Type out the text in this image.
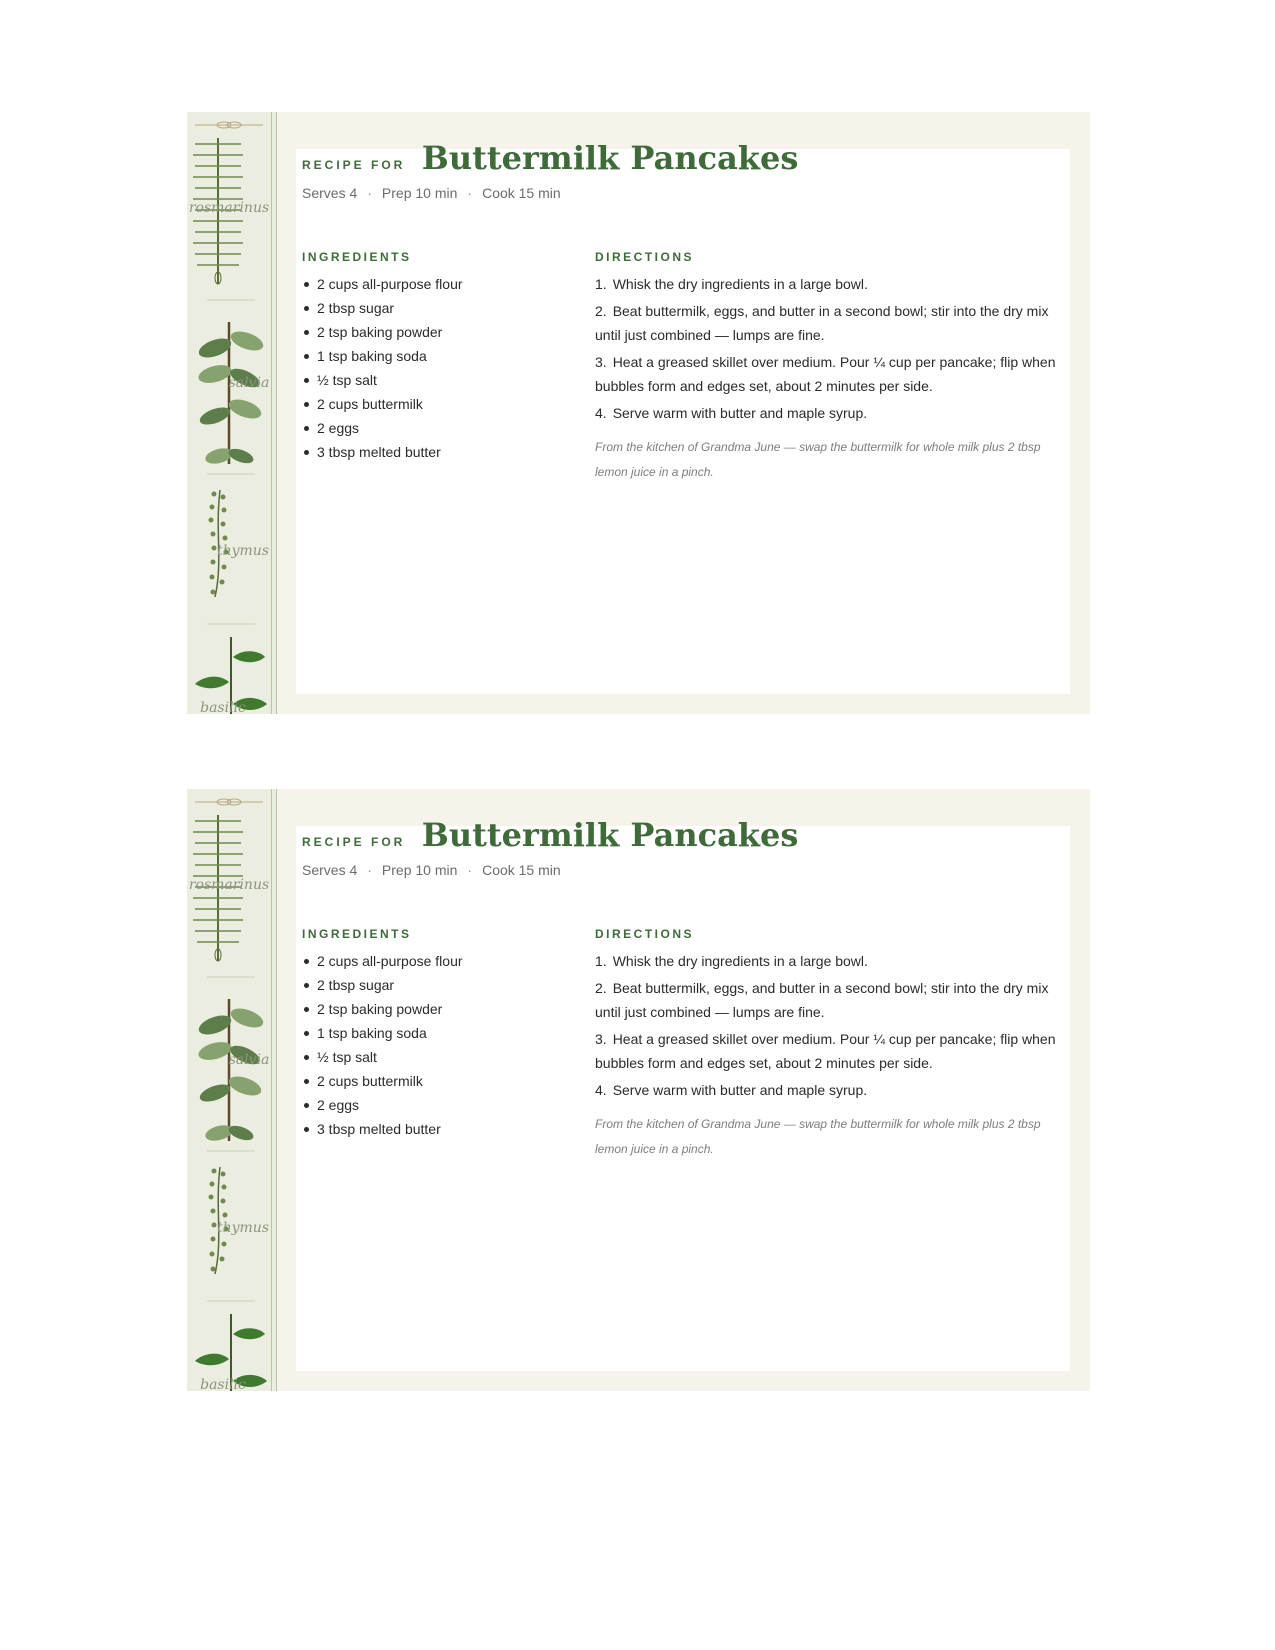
rosmarinus
salvia
thymus
basilic
RECIPE FOR Buttermilk Pancakes
Serves 4 · Prep 10 min · Cook 15 min
INGREDIENTS	DIRECTIONS
2 cups all-purpose flour
2 tbsp sugar
2 tsp baking powder
1 tsp baking soda
½ tsp salt
2 cups buttermilk
2 eggs
3 tbsp melted butter
1. Whisk the dry ingredients in a large bowl.
2. Beat buttermilk, eggs, and butter in a second bowl; stir into the dry mix until just combined — lumps are fine.
3. Heat a greased skillet over medium. Pour ¼ cup per pancake; flip when bubbles form and edges set, about 2 minutes per side.
4. Serve warm with butter and maple syrup.
From the kitchen of Grandma June — swap the buttermilk for whole milk plus 2 tbsp lemon juice in a pinch.
rosmarinus
salvia
thymus
basilic
RECIPE FOR Buttermilk Pancakes
Serves 4 · Prep 10 min · Cook 15 min
INGREDIENTS	DIRECTIONS
2 cups all-purpose flour
2 tbsp sugar
2 tsp baking powder
1 tsp baking soda
½ tsp salt
2 cups buttermilk
2 eggs
3 tbsp melted butter
1. Whisk the dry ingredients in a large bowl.
2. Beat buttermilk, eggs, and butter in a second bowl; stir into the dry mix until just combined — lumps are fine.
3. Heat a greased skillet over medium. Pour ¼ cup per pancake; flip when bubbles form and edges set, about 2 minutes per side.
4. Serve warm with butter and maple syrup.
From the kitchen of Grandma June — swap the buttermilk for whole milk plus 2 tbsp lemon juice in a pinch.
